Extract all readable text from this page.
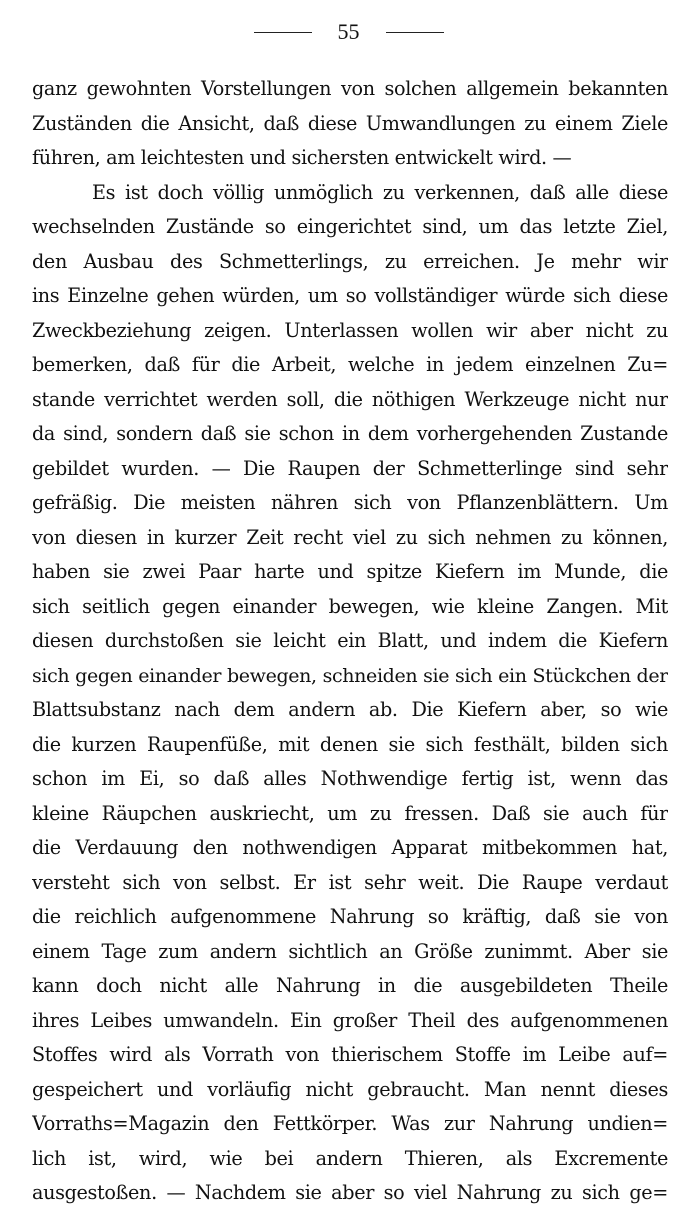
55
ganz gewohnten Vorstellungen von solchen allgemein bekannten
Zuständen die Ansicht, daß diese Umwandlungen zu einem Ziele
führen, am leichtesten und sichersten entwickelt wird. —
Es ist doch völlig unmöglich zu verkennen, daß alle diese
wechselnden Zustände so eingerichtet sind, um das letzte Ziel,
den Ausbau des Schmetterlings, zu erreichen. Je mehr wir
ins Einzelne gehen würden, um so vollständiger würde sich diese
Zweckbeziehung zeigen. Unterlassen wollen wir aber nicht zu
bemerken, daß für die Arbeit, welche in jedem einzelnen Zu=
stande verrichtet werden soll, die nöthigen Werkzeuge nicht nur
da sind, sondern daß sie schon in dem vorhergehenden Zustande
gebildet wurden. — Die Raupen der Schmetterlinge sind sehr
gefräßig. Die meisten nähren sich von Pflanzenblättern. Um
von diesen in kurzer Zeit recht viel zu sich nehmen zu können,
haben sie zwei Paar harte und spitze Kiefern im Munde, die
sich seitlich gegen einander bewegen, wie kleine Zangen. Mit
diesen durchstoßen sie leicht ein Blatt, und indem die Kiefern
sich gegen einander bewegen, schneiden sie sich ein Stückchen der
Blattsubstanz nach dem andern ab. Die Kiefern aber, so wie
die kurzen Raupenfüße, mit denen sie sich festhält, bilden sich
schon im Ei, so daß alles Nothwendige fertig ist, wenn das
kleine Räupchen auskriecht, um zu fressen. Daß sie auch für
die Verdauung den nothwendigen Apparat mitbekommen hat,
versteht sich von selbst. Er ist sehr weit. Die Raupe verdaut
die reichlich aufgenommene Nahrung so kräftig, daß sie von
einem Tage zum andern sichtlich an Größe zunimmt. Aber sie
kann doch nicht alle Nahrung in die ausgebildeten Theile
ihres Leibes umwandeln. Ein großer Theil des aufgenommenen
Stoffes wird als Vorrath von thierischem Stoffe im Leibe auf=
gespeichert und vorläufig nicht gebraucht. Man nennt dieses
Vorraths=Magazin den Fettkörper. Was zur Nahrung undien=
lich ist, wird, wie bei andern Thieren, als Excremente
ausgestoßen. — Nachdem sie aber so viel Nahrung zu sich ge=
